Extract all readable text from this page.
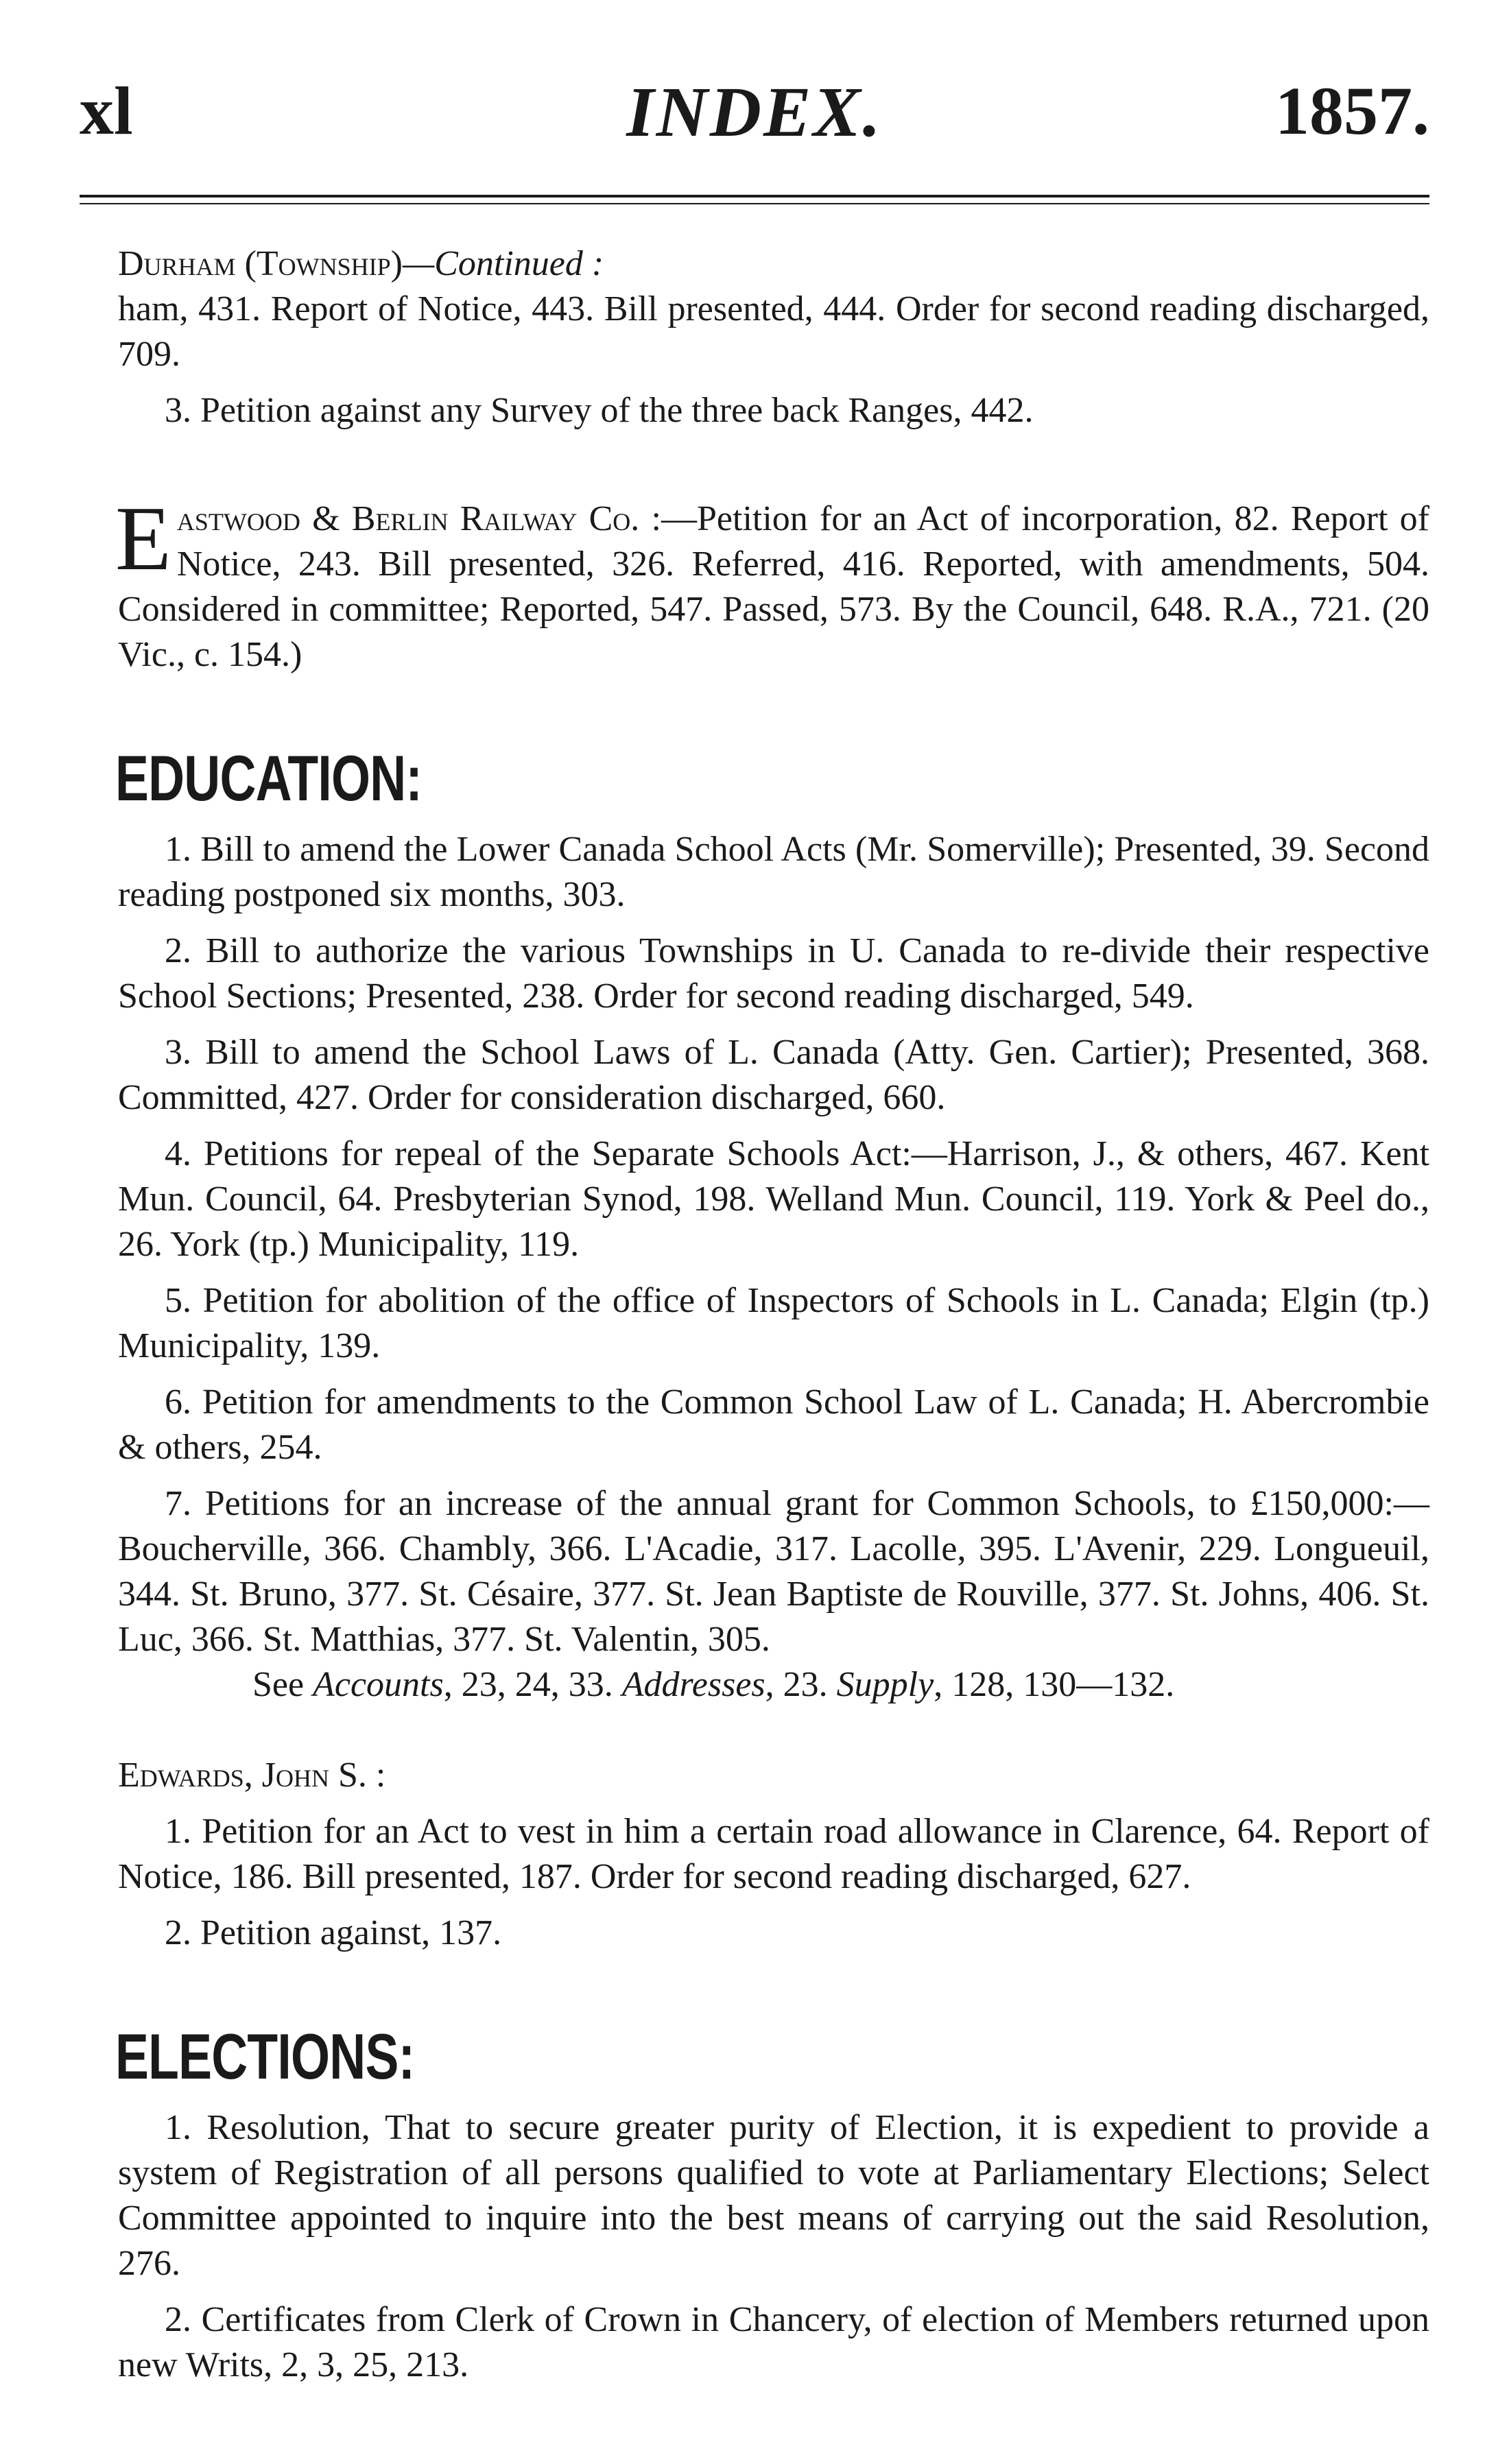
xl	INDEX.	1857.

Durham (Township)—Continued :

ham, 431. Report of Notice, 443. Bill presented, 444. Order for second reading discharged, 709.

3. Petition against any Survey of the three back Ranges, 442.

Eastwood & Berlin Railway Co. :—Petition for an Act of incorporation, 82. Report of Notice, 243. Bill presented, 326. Referred, 416. Reported, with amendments, 504. Considered in committee; Reported, 547. Passed, 573. By the Council, 648. R.A., 721. (20 Vic., c. 154.)

EDUCATION:

1. Bill to amend the Lower Canada School Acts (Mr. Somerville); Presented, 39. Second reading postponed six months, 303.

2. Bill to authorize the various Townships in U. Canada to re-divide their respective School Sections; Presented, 238. Order for second reading discharged, 549.

3. Bill to amend the School Laws of L. Canada (Atty. Gen. Cartier); Presented, 368. Committed, 427. Order for consideration discharged, 660.

4. Petitions for repeal of the Separate Schools Act:—Harrison, J., & others, 467. Kent Mun. Council, 64. Presbyterian Synod, 198. Welland Mun. Council, 119. York & Peel do., 26. York (tp.) Municipality, 119.

5. Petition for abolition of the office of Inspectors of Schools in L. Canada; Elgin (tp.) Municipality, 139.

6. Petition for amendments to the Common School Law of L. Canada; H. Abercrombie & others, 254.

7. Petitions for an increase of the annual grant for Common Schools, to £150,000:—Boucherville, 366. Chambly, 366. L'Acadie, 317. Lacolle, 395. L'Avenir, 229. Longueuil, 344. St. Bruno, 377. St. Césaire, 377. St. Jean Baptiste de Rouville, 377. St. Johns, 406. St. Luc, 366. St. Matthias, 377. St. Valentin, 305.

See Accounts, 23, 24, 33. Addresses, 23. Supply, 128, 130—132.

Edwards, John S. :

1. Petition for an Act to vest in him a certain road allowance in Clarence, 64. Report of Notice, 186. Bill presented, 187. Order for second reading discharged, 627.

2. Petition against, 137.

ELECTIONS:

1. Resolution, That to secure greater purity of Election, it is expedient to provide a system of Registration of all persons qualified to vote at Parliamentary Elections; Select Committee appointed to inquire into the best means of carrying out the said Resolution, 276.

2. Certificates from Clerk of Crown in Chancery, of election of Members returned upon new Writs, 2, 3, 25, 213.
